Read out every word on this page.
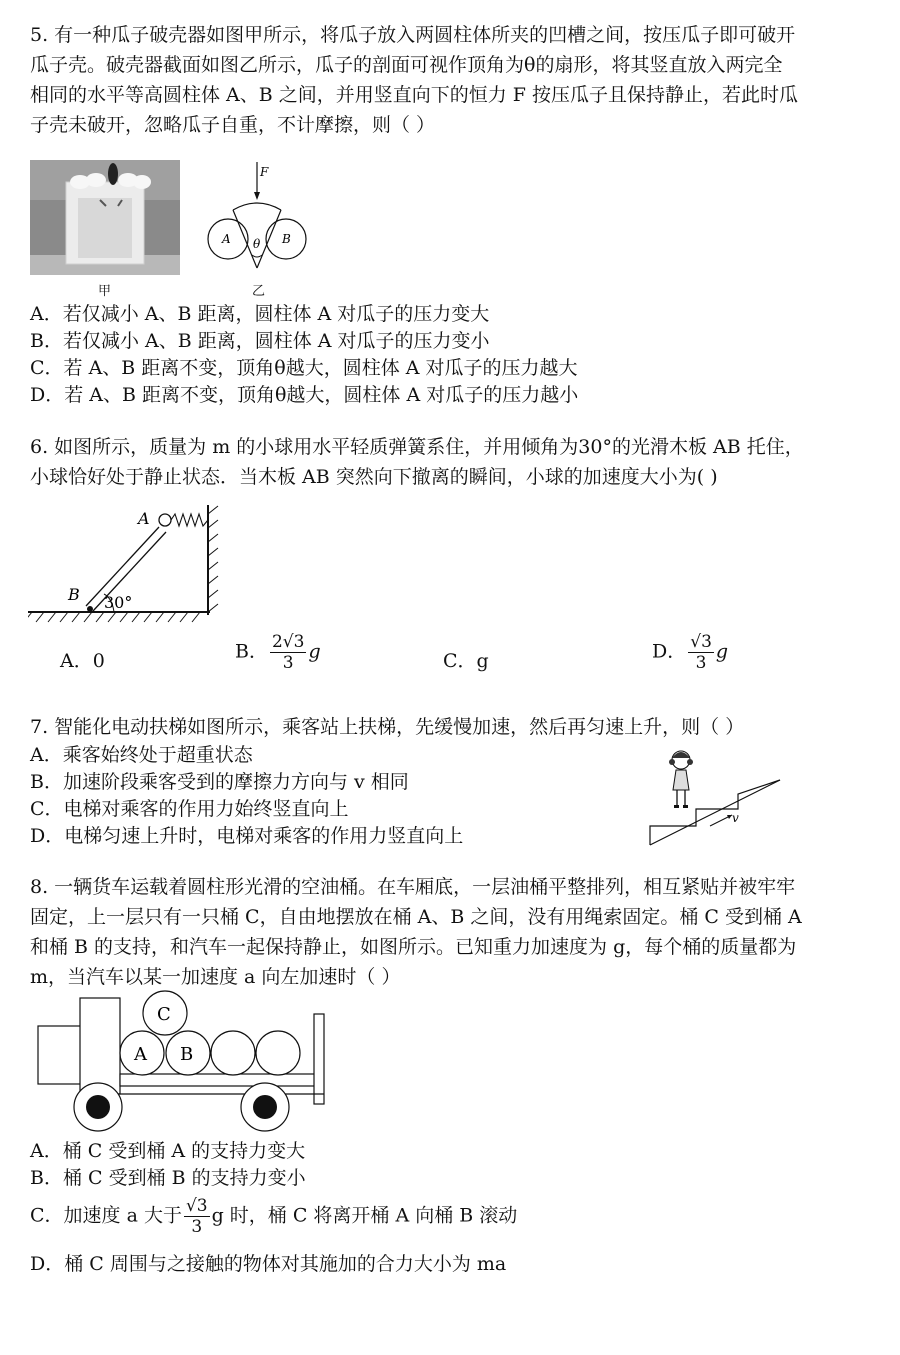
5. 有一种瓜子破壳器如图甲所示，将瓜子放入两圆柱体所夹的凹槽之间，按压瓜子即可破开
瓜子壳。破壳器截面如图乙所示，瓜子的剖面可视作顶角为θ的扇形，将其竖直放入两完全
相同的水平等高圆柱体 A、B 之间，并用竖直向下的恒力 F 按压瓜子且保持静止，若此时瓜
子壳未破开，忽略瓜子自重，不计摩擦，则（ ）
甲
F
A	B
θ
乙
A．若仅减小 A、B 距离，圆柱体 A 对瓜子的压力变大
B．若仅减小 A、B 距离，圆柱体 A 对瓜子的压力变小
C．若 A、B 距离不变，顶角θ越大，圆柱体 A 对瓜子的压力越大
D．若 A、B 距离不变，顶角θ越大，圆柱体 A 对瓜子的压力越小
6. 如图所示，质量为 m 的小球用水平轻质弹簧系住，并用倾角为30°的光滑木板 AB 托住，
小球恰好处于静止状态．当木板 AB 突然向下撤离的瞬间，小球的加速度大小为( )
A
B 30°
A．0	B． $\frac{2√3}{3}$ g	C．g	D． $\frac{√3}{3}$ g
7. 智能化电动扶梯如图所示，乘客站上扶梯，先缓慢加速，然后再匀速上升，则（ ）
A．乘客始终处于超重状态
B．加速阶段乘客受到的摩擦力方向与 v 相同
C．电梯对乘客的作用力始终竖直向上
D．电梯匀速上升时，电梯对乘客的作用力竖直向上
v
8. 一辆货车运载着圆柱形光滑的空油桶。在车厢底，一层油桶平整排列，相互紧贴并被牢牢
固定，上一层只有一只桶 C，自由地摆放在桶 A、B 之间，没有用绳索固定。桶 C 受到桶 A
和桶 B 的支持，和汽车一起保持静止，如图所示。已知重力加速度为 g，每个桶的质量都为
m，当汽车以某一加速度 a 向左加速时（ ）
A B
C
A．桶 C 受到桶 A 的支持力变大
B．桶 C 受到桶 B 的支持力变小
C．加速度 a 大于 $\frac{√3}{3}$ g 时，桶 C 将离开桶 A 向桶 B 滚动
D．桶 C 周围与之接触的物体对其施加的合力大小为 ma
